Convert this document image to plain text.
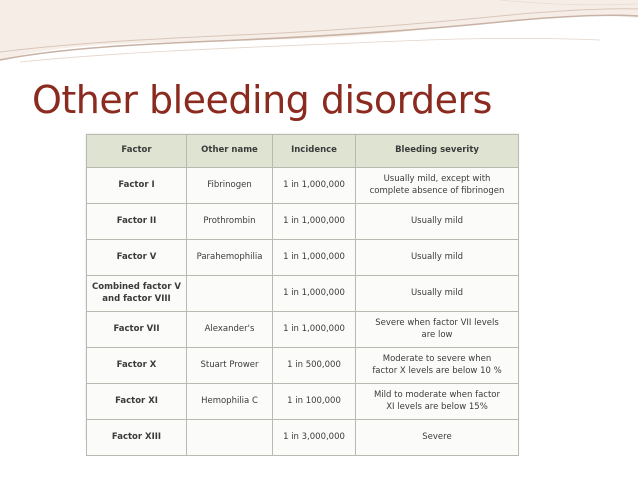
Other bleeding disorders
Factor	Other name	Incidence	Bleeding severity
Factor I	Fibrinogen	1 in 1,000,000	Usually mild, except with
complete absence of fibrinogen

Factor II	Prothrombin	1 in 1,000,000	Usually mild

Factor V	Parahemophilia	1 in 1,000,000	Usually mild

Combined factor V
and factor VIII		1 in 1,000,000	Usually mild

Factor VII	Alexander's	1 in 1,000,000	Severe when factor VII levels
are low

Factor X	Stuart Prower	1 in 500,000	Moderate to severe when
factor X levels are below 10 %

Factor XI	Hemophilia C	1 in 100,000	Mild to moderate when factor
XI levels are below 15%

Factor XIII		1 in 3,000,000	Severe
